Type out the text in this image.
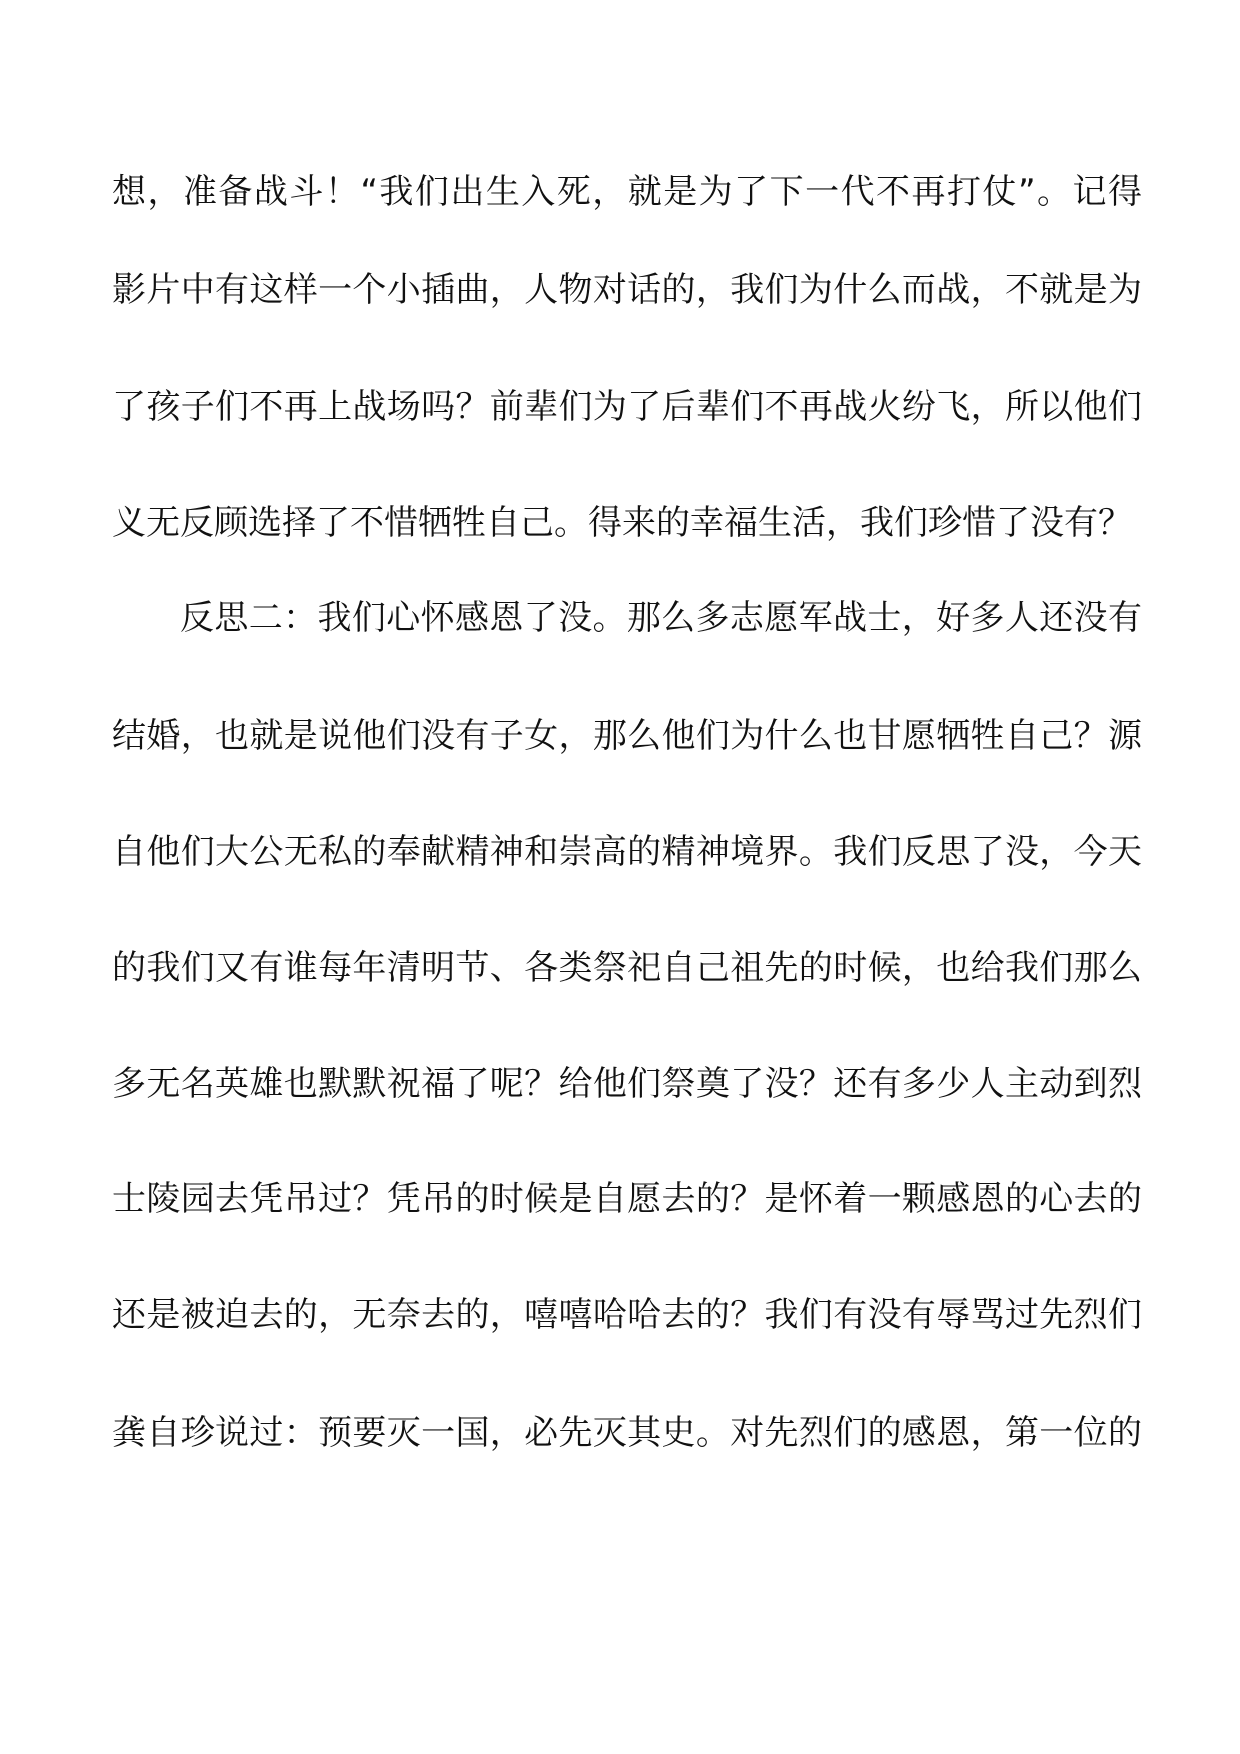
想，准备战斗！“我们出生入死，就是为了下一代不再打仗”。记得
影片中有这样一个小插曲，人物对话的，我们为什么而战，不就是为
了孩子们不再上战场吗？前辈们为了后辈们不再战火纷飞，所以他们
义无反顾选择了不惜牺牲自己。得来的幸福生活，我们珍惜了没有？
反思二：我们心怀感恩了没。那么多志愿军战士，好多人还没有
结婚，也就是说他们没有子女，那么他们为什么也甘愿牺牲自己？源
自他们大公无私的奉献精神和崇高的精神境界。我们反思了没，今天
的我们又有谁每年清明节、各类祭祀自己祖先的时候，也给我们那么
多无名英雄也默默祝福了呢？给他们祭奠了没？还有多少人主动到烈
士陵园去凭吊过？凭吊的时候是自愿去的？是怀着一颗感恩的心去的
还是被迫去的，无奈去的，嘻嘻哈哈去的？我们有没有辱骂过先烈们
龚自珍说过：预要灭一国，必先灭其史。对先烈们的感恩，第一位的
